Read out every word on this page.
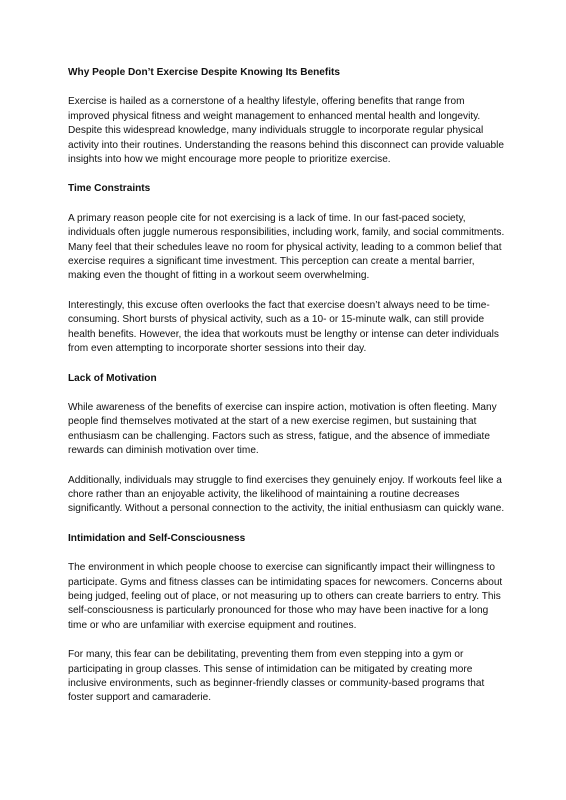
Why People Don’t Exercise Despite Knowing Its Benefits

Exercise is hailed as a cornerstone of a healthy lifestyle, offering benefits that range from improved physical fitness and weight management to enhanced mental health and longevity. Despite this widespread knowledge, many individuals struggle to incorporate regular physical activity into their routines. Understanding the reasons behind this disconnect can provide valuable insights into how we might encourage more people to prioritize exercise.

Time Constraints

A primary reason people cite for not exercising is a lack of time. In our fast-paced society, individuals often juggle numerous responsibilities, including work, family, and social commitments. Many feel that their schedules leave no room for physical activity, leading to a common belief that exercise requires a significant time investment. This perception can create a mental barrier, making even the thought of fitting in a workout seem overwhelming.

Interestingly, this excuse often overlooks the fact that exercise doesn’t always need to be time-consuming. Short bursts of physical activity, such as a 10- or 15-minute walk, can still provide health benefits. However, the idea that workouts must be lengthy or intense can deter individuals from even attempting to incorporate shorter sessions into their day.

Lack of Motivation

While awareness of the benefits of exercise can inspire action, motivation is often fleeting. Many people find themselves motivated at the start of a new exercise regimen, but sustaining that enthusiasm can be challenging. Factors such as stress, fatigue, and the absence of immediate rewards can diminish motivation over time.

Additionally, individuals may struggle to find exercises they genuinely enjoy. If workouts feel like a chore rather than an enjoyable activity, the likelihood of maintaining a routine decreases significantly. Without a personal connection to the activity, the initial enthusiasm can quickly wane.

Intimidation and Self-Consciousness

The environment in which people choose to exercise can significantly impact their willingness to participate. Gyms and fitness classes can be intimidating spaces for newcomers. Concerns about being judged, feeling out of place, or not measuring up to others can create barriers to entry. This self-consciousness is particularly pronounced for those who may have been inactive for a long time or who are unfamiliar with exercise equipment and routines.

For many, this fear can be debilitating, preventing them from even stepping into a gym or participating in group classes. This sense of intimidation can be mitigated by creating more inclusive environments, such as beginner-friendly classes or community-based programs that foster support and camaraderie.
